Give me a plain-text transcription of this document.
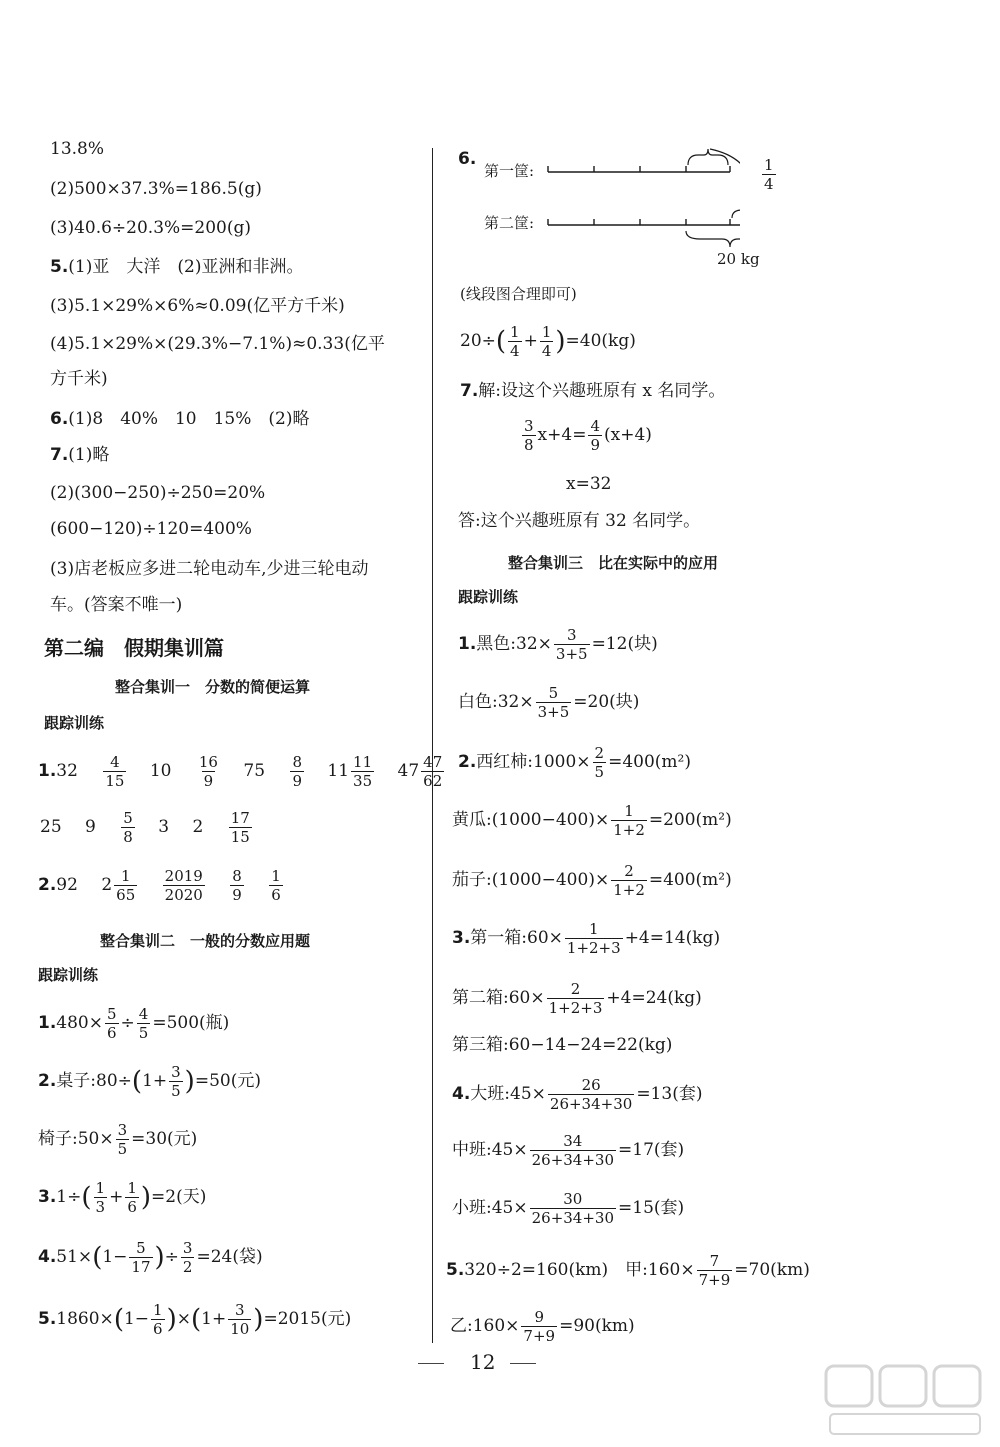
13.8%
(2)500×37.3%=186.5(g)
(3)40.6÷20.3%=200(g)
5.(1)亚　大洋　(2)亚洲和非洲。
(3)5.1×29%×6%≈0.09(亿平方千米)
(4)5.1×29%×(29.3%−7.1%)≈0.33(亿平
方千米)
6.(1)8　40%　10　15%　(2)略
7.(1)略
(2)(300−250)÷250=20%
(600−120)÷120=400%
(3)店老板应多进二轮电动车,少进三轮电动
车。(答案不唯一)
第二编　假期集训篇
整合集训一　分数的简便运算
跟踪训练
$1.32 \frac{4}{15} 10 \frac{16}{9} 75 \frac{8}{9} 11 \frac{11}{35} 47 \frac{47}{62}$
25 $9 \frac{5}{8} 3$ $2 \frac{17}{15}$
2.92 $2 \frac{1}{65}$
$\frac{2019}{2020}$
$\frac{8}{9}$
$\frac{1}{6}$
整合集训二　一般的分数应用题
跟踪训练
$1.480\times \frac{5}{6} \div \frac{4}{5} =500$(瓶)
2.桌子:80÷(1+ $\frac{3}{5} )=50$(元)
椅子:50× $\frac{3}{5} =30$(元)
$3.1\div( \frac{1}{3} + \frac{1}{6} )=2$(天)
$4.51\times(1- \frac{5}{17}$ )÷ $\frac{3}{2} =24$(袋)
$5.1860\times(1- \frac{1}{6} )\times(1+ \frac{3}{10} )=2015$(元)
6.
第一筐:
第二筐:
$\frac{1}{4}$
20 kg
(线段图合理即可)
$20\div( \frac{1}{4} + \frac{1}{4} )=40(kg)$
7.解:设这个兴趣班原有 x 名同学。
$\frac{3}{8} x+4= \frac{4}{9} (x+4)$
x=32
答:这个兴趣班原有 32 名同学。
整合集训三　比在实际中的应用
跟踪训练
1.黑色:32× $\frac{3}{3+5} =12$(块)
白色:32× $\frac{5}{3+5} =20$(块)
2.西红柿:1000× $\frac{2}{5} =400(m^2)$
黄瓜:(1000−400)× $\frac{1}{1+2} =200(m^2)$
茄子:(1000−400)× $\frac{2}{1+2} =400(m^2)$
3.第一箱:60× $\frac{1}{1+2+3} +4=14(kg)$
第二箱:60× $\frac{2}{1+2+3} +4=24(kg)$
第三箱:60−14−24=22(kg)
4.大班:45× $\frac{26}{26+34+30} =13$(套)
中班:45× $\frac{34}{26+34+30} =17$(套)
小班:45× $\frac{30}{26+34+30} =15$(套)
5.320÷2=160(km)　甲:160× $\frac{7}{7+9} =70(km)$
乙:160× $\frac{9}{7+9} =90(km)$
12
